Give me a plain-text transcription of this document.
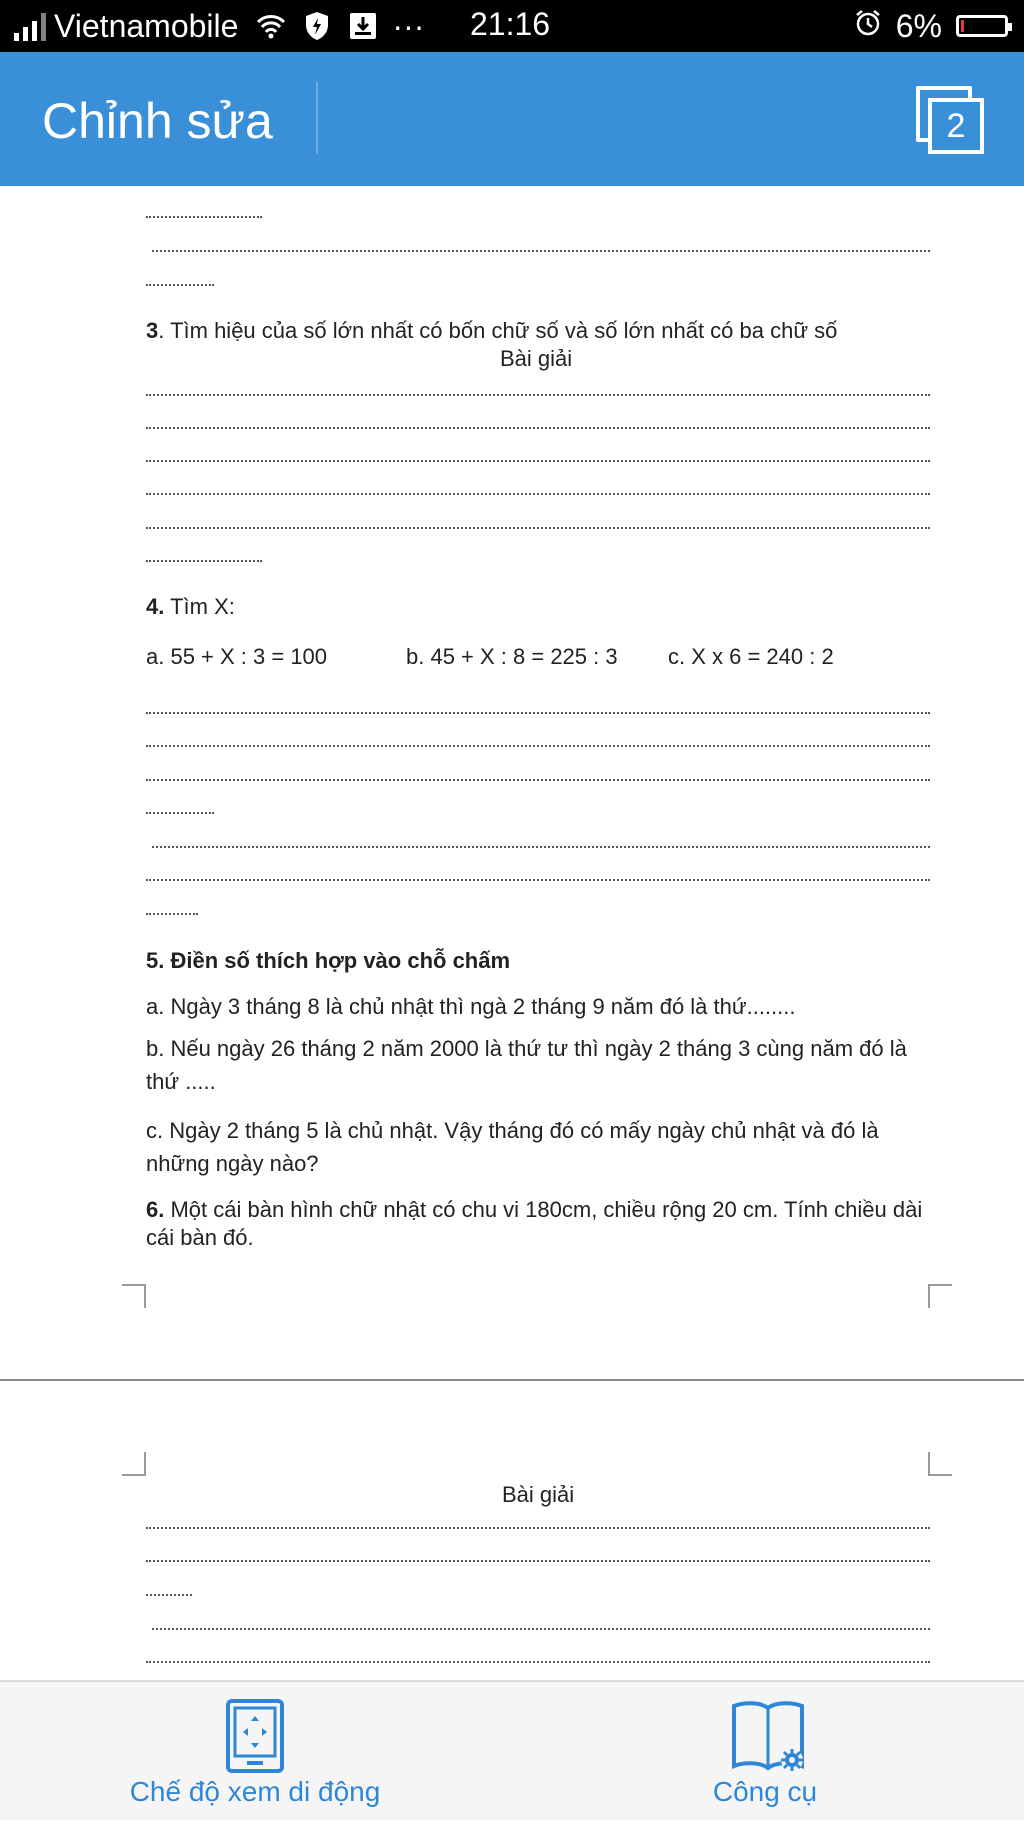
Vietnamobile	··· 21:16	6%
Chỉnh sửa	2
3. Tìm hiệu của số lớn nhất có bốn chữ số và số lớn nhất có ba chữ số
Bài giải
4. Tìm X:
a. 55 + X : 3 = 100	b. 45 + X : 8 = 225 : 3 c. X x 6 = 240 : 2
5. Điền số thích hợp vào chỗ chấm
a. Ngày 3 tháng 8 là chủ nhật thì ngà 2 tháng 9 năm đó là thứ........
b. Nếu ngày 26 tháng 2 năm 2000 là thứ tư thì ngày 2 tháng 3 cùng năm đó là thứ .....
c. Ngày 2 tháng 5 là chủ nhật. Vậy tháng đó có mấy ngày chủ nhật và đó là những ngày nào?
6. Một cái bàn hình chữ nhật có chu vi 180cm, chiều rộng 20 cm. Tính chiều dài cái bàn đó.
Bài giải
Chế độ xem di động	Công cụ
